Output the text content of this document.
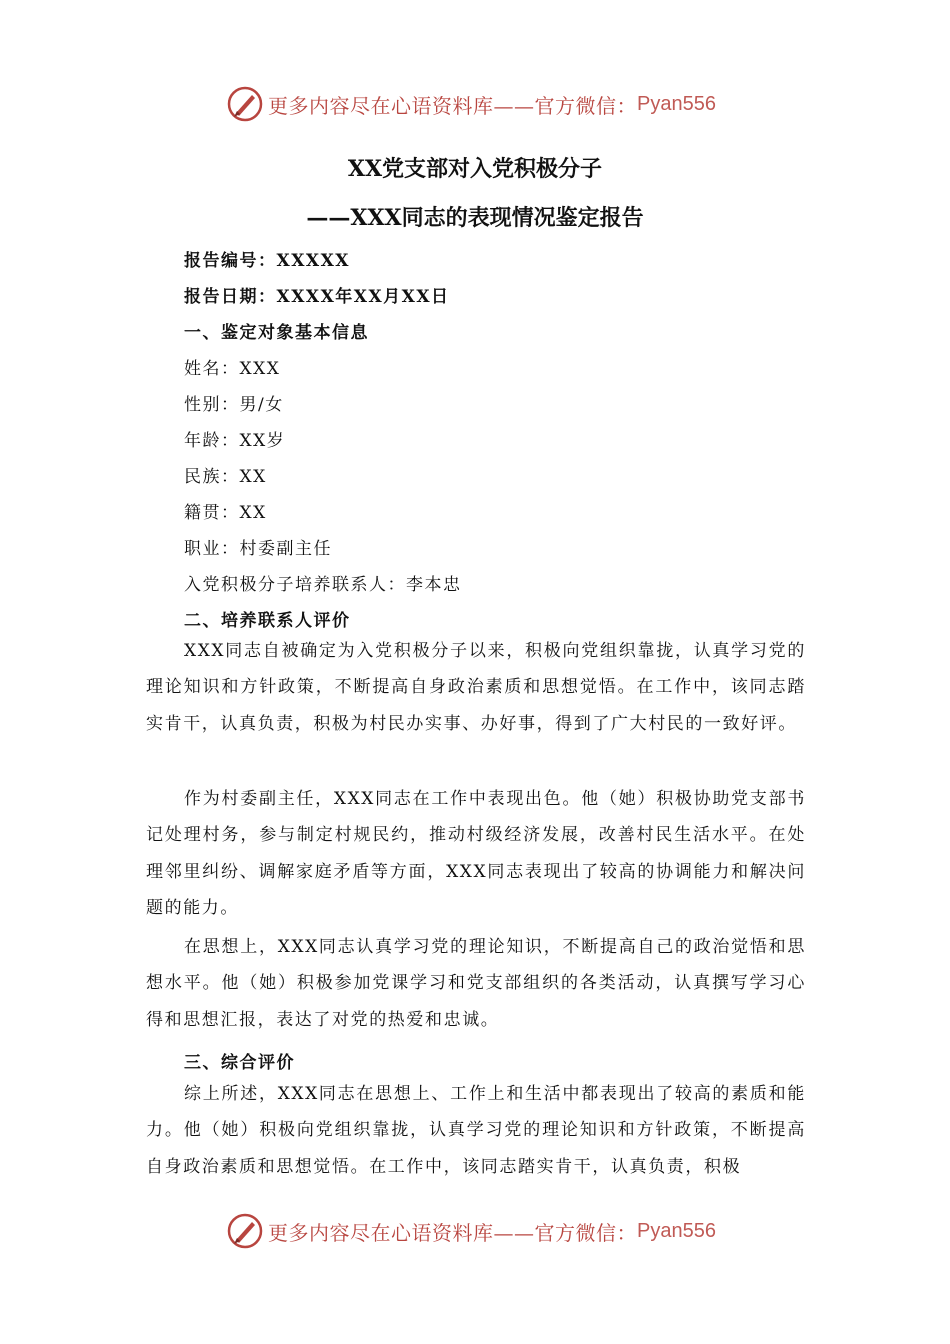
更多内容尽在心语资料库 ——官方微信： Pyan556
XX党支部对入党积极分子
——XXX同志的表现情况鉴定报告
报告编号：XXXXX
报告日期：XXXX年XX月XX日
一、鉴定对象基本信息
姓名：XXX
性别：男/女
年龄：XX岁
民族：XX
籍贯：XX
职业：村委副主任
入党积极分子培养联系人：李本忠
二、培养联系人评价

XXX同志自被确定为入党积极分子以来，积极向党组织靠拢，认真学习党的理论知识和方针政策，不断提高自身政治素质和思想觉悟。在工作中，该同志踏实肯干，认真负责，积极为村民办实事、办好事，得到了广大村民的一致好评。

作为村委副主任，XXX同志在工作中表现出色。他（她）积极协助党支部书记处理村务，参与制定村规民约，推动村级经济发展，改善村民生活水平。在处理邻里纠纷、调解家庭矛盾等方面，XXX同志表现出了较高的协调能力和解决问题的能力。

在思想上，XXX同志认真学习党的理论知识，不断提高自己的政治觉悟和思想水平。他（她）积极参加党课学习和党支部组织的各类活动，认真撰写学习心得和思想汇报，表达了对党的热爱和忠诚。

三、综合评价

综上所述，XXX同志在思想上、工作上和生活中都表现出了较高的素质和能力。他（她）积极向党组织靠拢，认真学习党的理论知识和方针政策，不断提高自身政治素质和思想觉悟。在工作中，该同志踏实肯干，认真负责，积极

更多内容尽在心语资料库 ——官方微信： Pyan556
